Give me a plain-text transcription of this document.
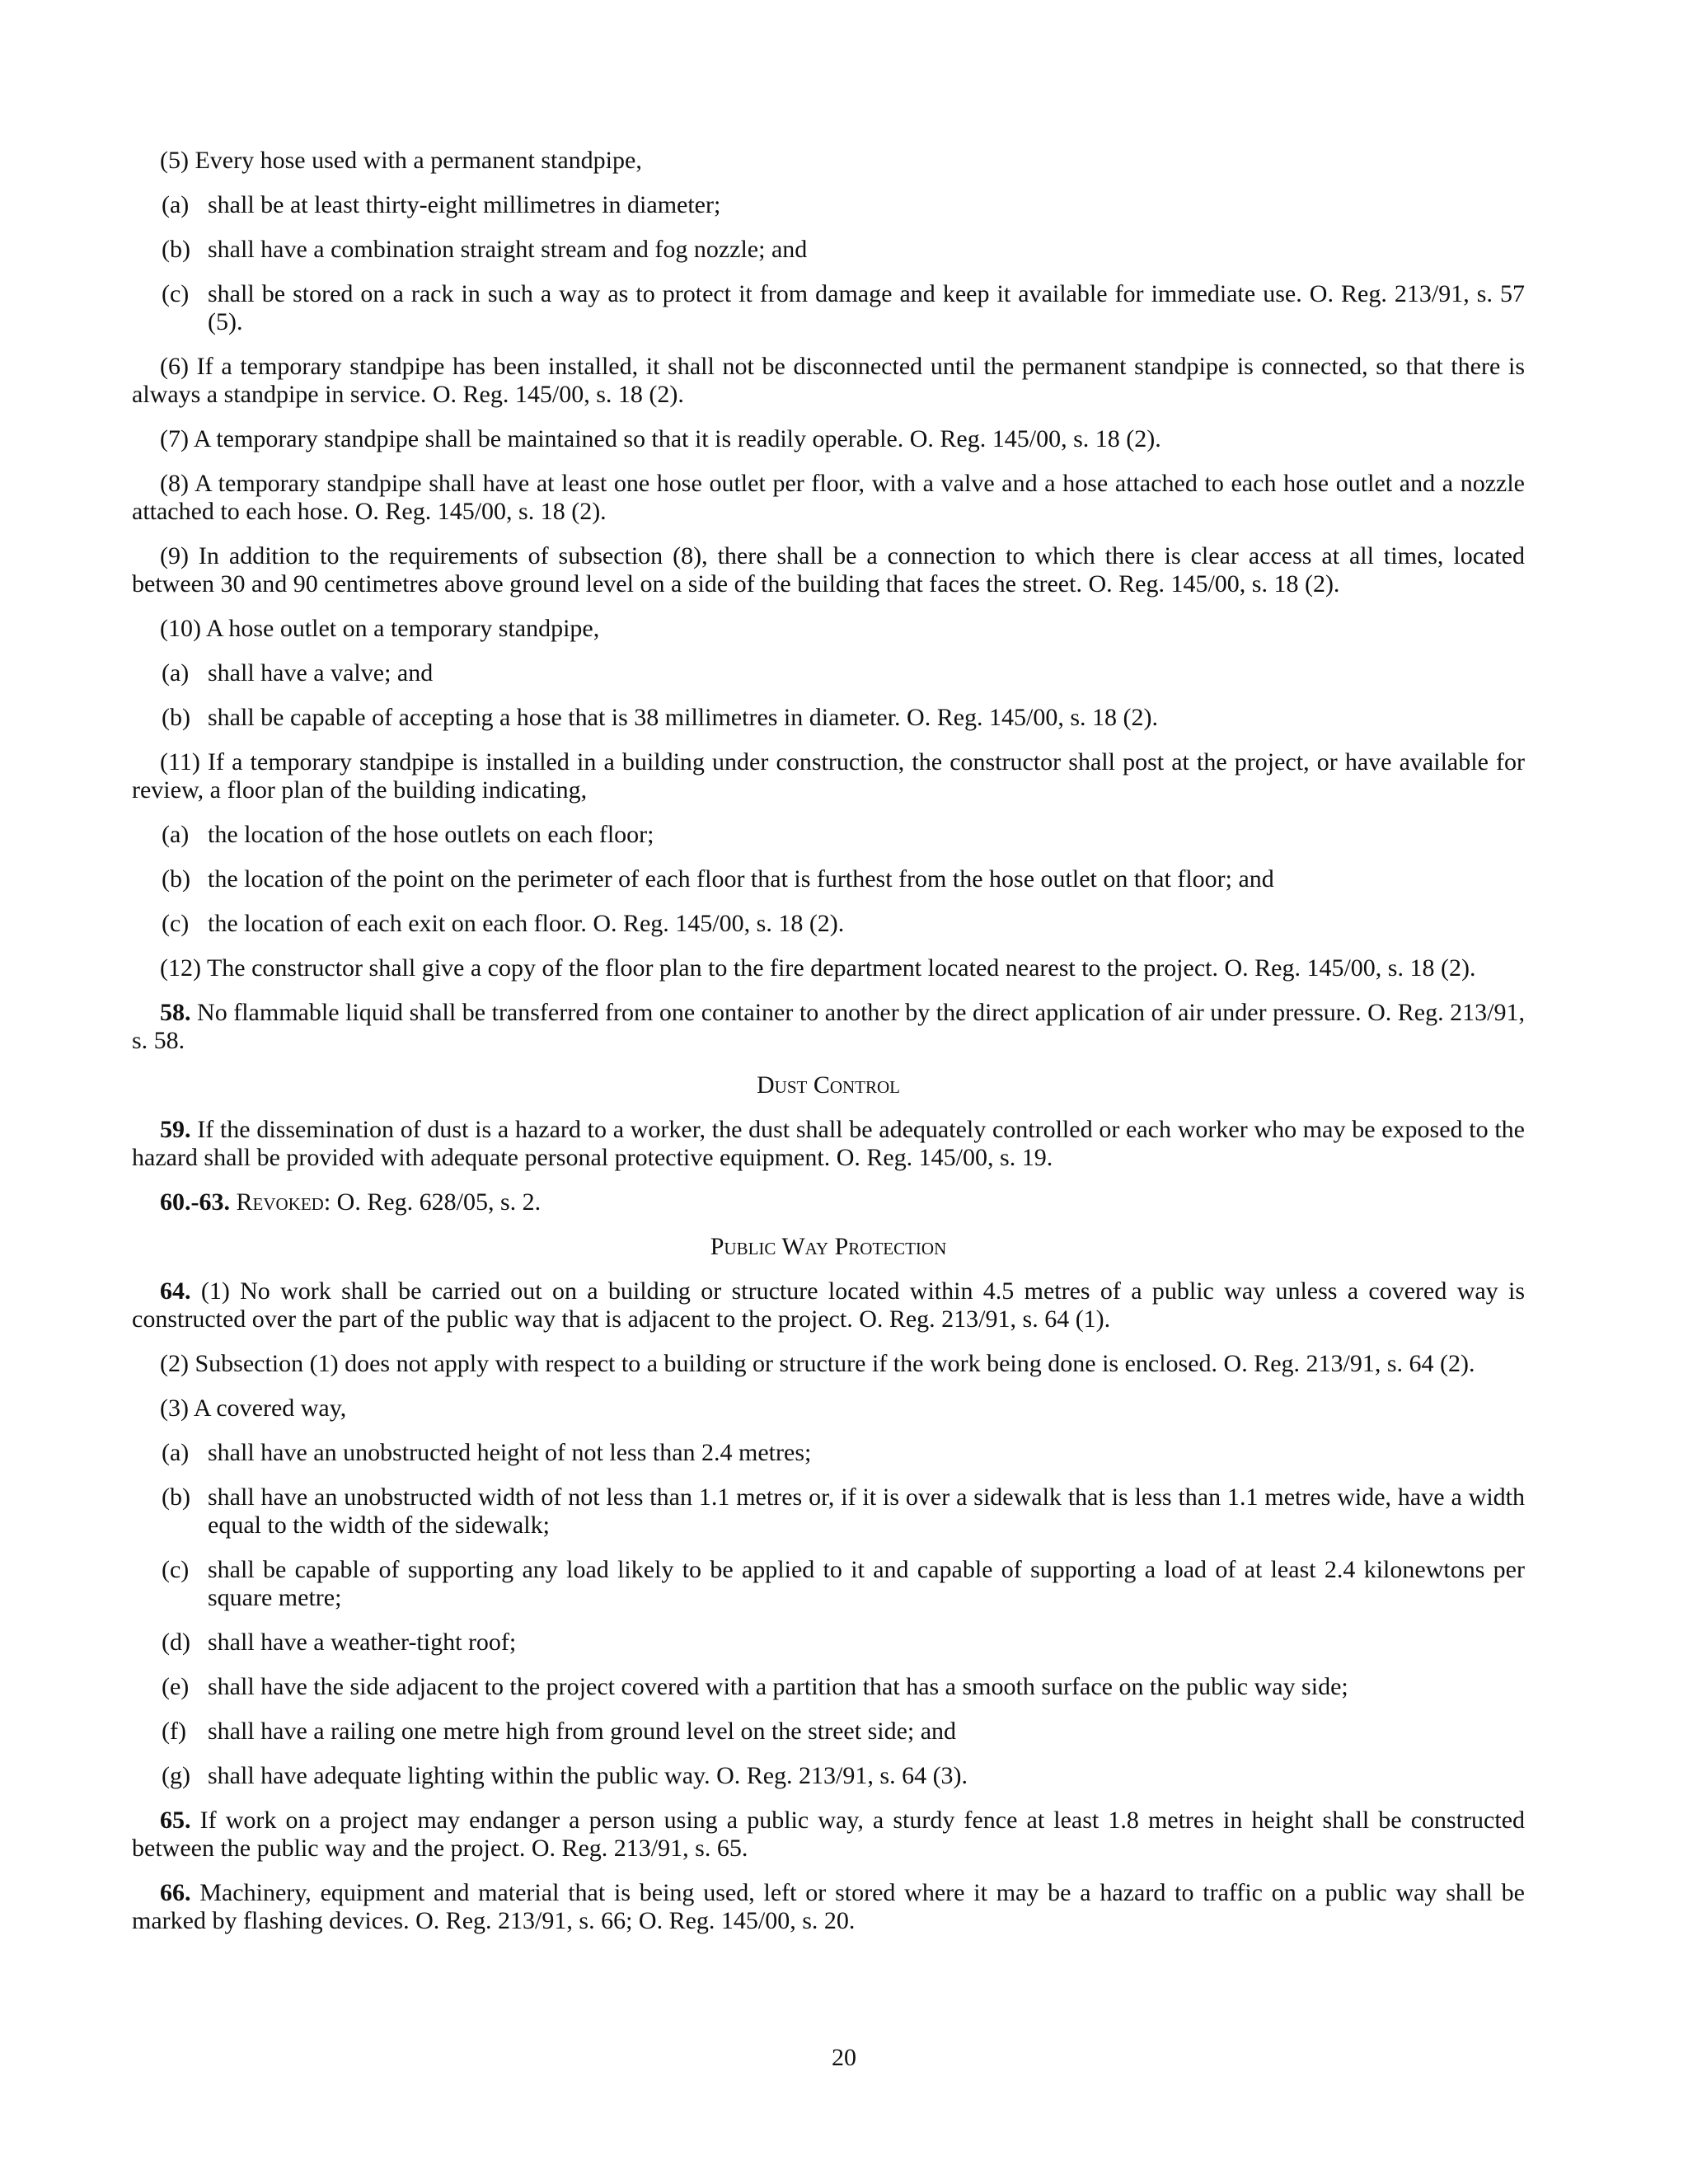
(5) Every hose used with a permanent standpipe,

(a) shall be at least thirty-eight millimetres in diameter;

(b) shall have a combination straight stream and fog nozzle; and

(c) shall be stored on a rack in such a way as to protect it from damage and keep it available for immediate use. O. Reg. 213/91, s. 57 (5).

(6) If a temporary standpipe has been installed, it shall not be disconnected until the permanent standpipe is connected, so that there is always a standpipe in service. O. Reg. 145/00, s. 18 (2).

(7) A temporary standpipe shall be maintained so that it is readily operable. O. Reg. 145/00, s. 18 (2).

(8) A temporary standpipe shall have at least one hose outlet per floor, with a valve and a hose attached to each hose outlet and a nozzle attached to each hose. O. Reg. 145/00, s. 18 (2).

(9) In addition to the requirements of subsection (8), there shall be a connection to which there is clear access at all times, located between 30 and 90 centimetres above ground level on a side of the building that faces the street. O. Reg. 145/00, s. 18 (2).

(10) A hose outlet on a temporary standpipe,

(a) shall have a valve; and

(b) shall be capable of accepting a hose that is 38 millimetres in diameter. O. Reg. 145/00, s. 18 (2).

(11) If a temporary standpipe is installed in a building under construction, the constructor shall post at the project, or have available for review, a floor plan of the building indicating,

(a) the location of the hose outlets on each floor;

(b) the location of the point on the perimeter of each floor that is furthest from the hose outlet on that floor; and

(c) the location of each exit on each floor. O. Reg. 145/00, s. 18 (2).

(12) The constructor shall give a copy of the floor plan to the fire department located nearest to the project. O. Reg. 145/00, s. 18 (2).

58. No flammable liquid shall be transferred from one container to another by the direct application of air under pressure. O. Reg. 213/91, s. 58.

Dust Control

59. If the dissemination of dust is a hazard to a worker, the dust shall be adequately controlled or each worker who may be exposed to the hazard shall be provided with adequate personal protective equipment. O. Reg. 145/00, s. 19.

60.-63. Revoked: O. Reg. 628/05, s. 2.

Public Way Protection

64. (1) No work shall be carried out on a building or structure located within 4.5 metres of a public way unless a covered way is constructed over the part of the public way that is adjacent to the project. O. Reg. 213/91, s. 64 (1).

(2) Subsection (1) does not apply with respect to a building or structure if the work being done is enclosed. O. Reg. 213/91, s. 64 (2).

(3) A covered way,

(a) shall have an unobstructed height of not less than 2.4 metres;

(b) shall have an unobstructed width of not less than 1.1 metres or, if it is over a sidewalk that is less than 1.1 metres wide, have a width equal to the width of the sidewalk;

(c) shall be capable of supporting any load likely to be applied to it and capable of supporting a load of at least 2.4 kilonewtons per square metre;

(d) shall have a weather-tight roof;

(e) shall have the side adjacent to the project covered with a partition that has a smooth surface on the public way side;

(f) shall have a railing one metre high from ground level on the street side; and

(g) shall have adequate lighting within the public way. O. Reg. 213/91, s. 64 (3).

65. If work on a project may endanger a person using a public way, a sturdy fence at least 1.8 metres in height shall be constructed between the public way and the project. O. Reg. 213/91, s. 65.

66. Machinery, equipment and material that is being used, left or stored where it may be a hazard to traffic on a public way shall be marked by flashing devices. O. Reg. 213/91, s. 66; O. Reg. 145/00, s. 20.

20
